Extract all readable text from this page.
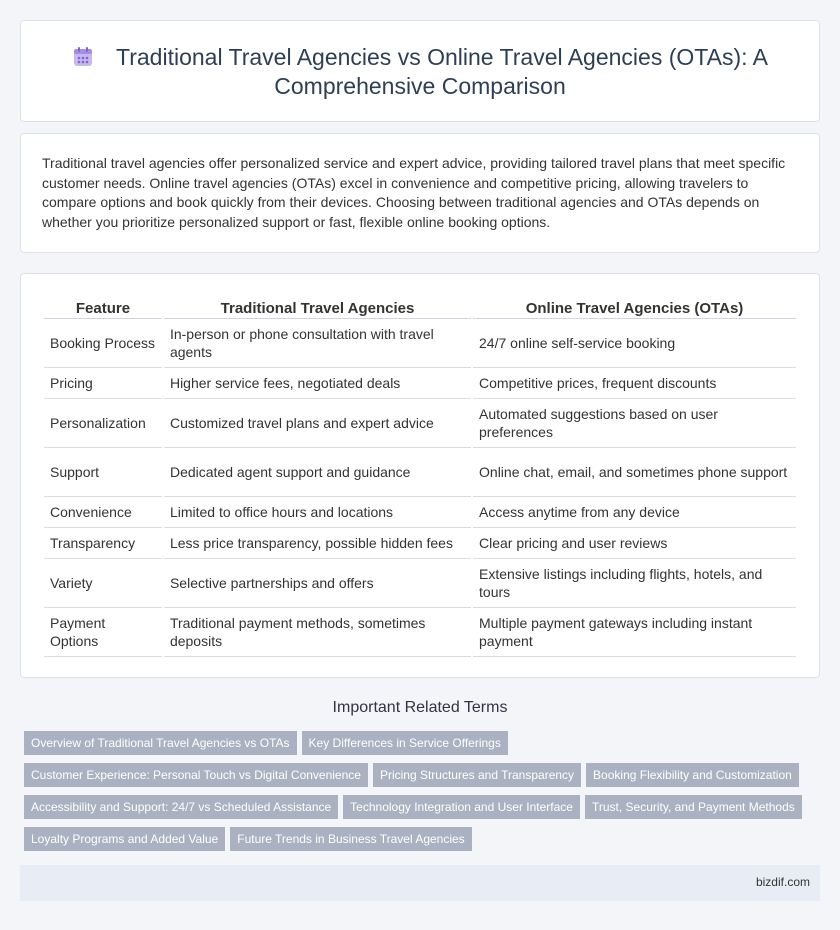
Traditional Travel Agencies vs Online Travel Agencies (OTAs): A Comprehensive Comparison

Traditional travel agencies offer personalized service and expert advice, providing tailored travel plans that meet specific customer needs. Online travel agencies (OTAs) excel in convenience and competitive pricing, allowing travelers to compare options and book quickly from their devices. Choosing between traditional agencies and OTAs depends on whether you prioritize personalized support or fast, flexible online booking options.

Feature	Traditional Travel Agencies	Online Travel Agencies (OTAs)
Booking Process	In-person or phone consultation with travel agents	24/7 online self-service booking
Pricing	Higher service fees, negotiated deals	Competitive prices, frequent discounts
Personalization	Customized travel plans and expert advice	Automated suggestions based on user preferences
Support	Dedicated agent support and guidance	Online chat, email, and sometimes phone support
Convenience	Limited to office hours and locations	Access anytime from any device
Transparency	Less price transparency, possible hidden fees	Clear pricing and user reviews
Variety	Selective partnerships and offers	Extensive listings including flights, hotels, and tours
Payment Options	Traditional payment methods, sometimes deposits	Multiple payment gateways including instant payment
Important Related Terms
Overview of Traditional Travel Agencies vs OTAs Key Differences in Service Offerings
Customer Experience: Personal Touch vs Digital Convenience Pricing Structures and Transparency Booking Flexibility and Customization
Accessibility and Support: 24/7 vs Scheduled Assistance Technology Integration and User Interface Trust, Security, and Payment Methods
Loyalty Programs and Added Value Future Trends in Business Travel Agencies
bizdif.com
